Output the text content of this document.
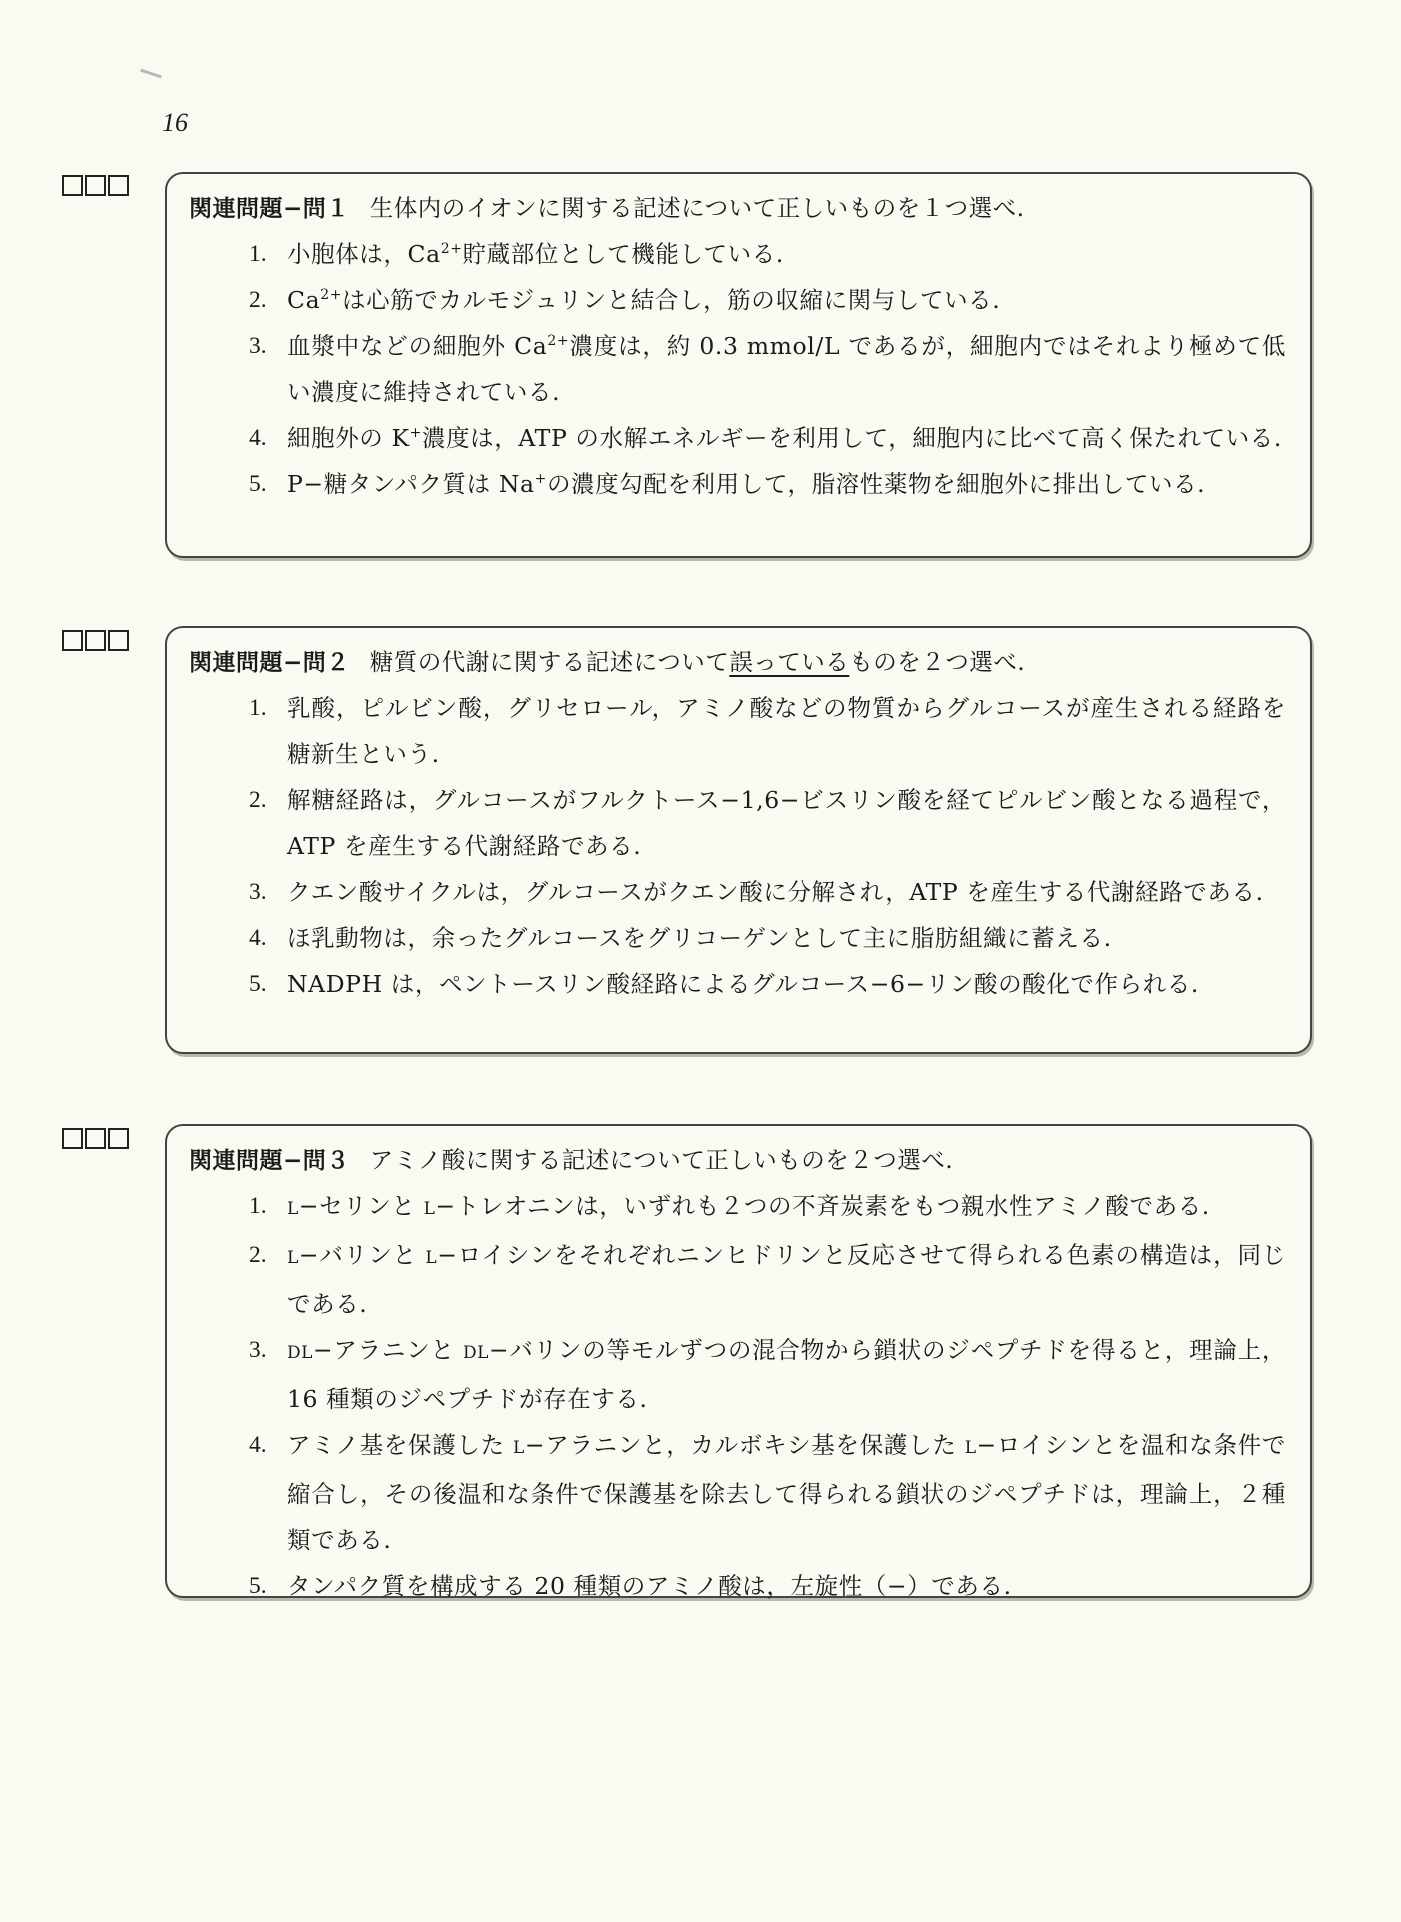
16
関連問題−問１ 生体内のイオンに関する記述について正しいものを１つ選べ.
1. 小胞体は，$Ca^{2+}$貯蔵部位として機能している.
2. $Ca^{2+}$は心筋でカルモジュリンと結合し，筋の収縮に関与している.
3. 血漿中などの細胞外 $Ca^{2+}$濃度は，約 0.3 mmol/L であるが，細胞内ではそれより極めて低い濃度に維持されている.
4. 細胞外の K+濃度は，ATP の水解エネルギーを利用して，細胞内に比べて高く保たれている.
5. P−糖タンパク質は Na+の濃度勾配を利用して，脂溶性薬物を細胞外に排出している.
関連問題−問２ 糖質の代謝に関する記述について誤っているものを２つ選べ.
1. 乳酸，ピルビン酸，グリセロール，アミノ酸などの物質からグルコースが産生される経路を糖新生という.
2. 解糖経路は，グルコースがフルクトース−1,6−ビスリン酸を経てピルビン酸となる過程で，ATP を産生する代謝経路である.
3. クエン酸サイクルは，グルコースがクエン酸に分解され，ATP を産生する代謝経路である.
4. ほ乳動物は，余ったグルコースをグリコーゲンとして主に脂肪組織に蓄える.
5. NADPH は，ペントースリン酸経路によるグルコース−6−リン酸の酸化で作られる.
関連問題−問３ アミノ酸に関する記述について正しいものを２つ選べ.
1.	L−セリンと L−トレオニンは，いずれも２つの不斉炭素をもつ親水性アミノ酸である.
2.	L−バリンと L−ロイシンをそれぞれニンヒドリンと反応させて得られる色素の構造は，同じである.
3.	DL−アラニンと DL−バリンの等モルずつの混合物から鎖状のジペプチドを得ると，理論上，16 種類のジペプチドが存在する.
4. アミノ基を保護した L−アラニンと，カルボキシ基を保護した L−ロイシンとを温和な条件で縮合し，その後温和な条件で保護基を除去して得られる鎖状のジペプチドは，理論上，２種類である.
5. タンパク質を構成する 20 種類のアミノ酸は，左旋性（−）である.
